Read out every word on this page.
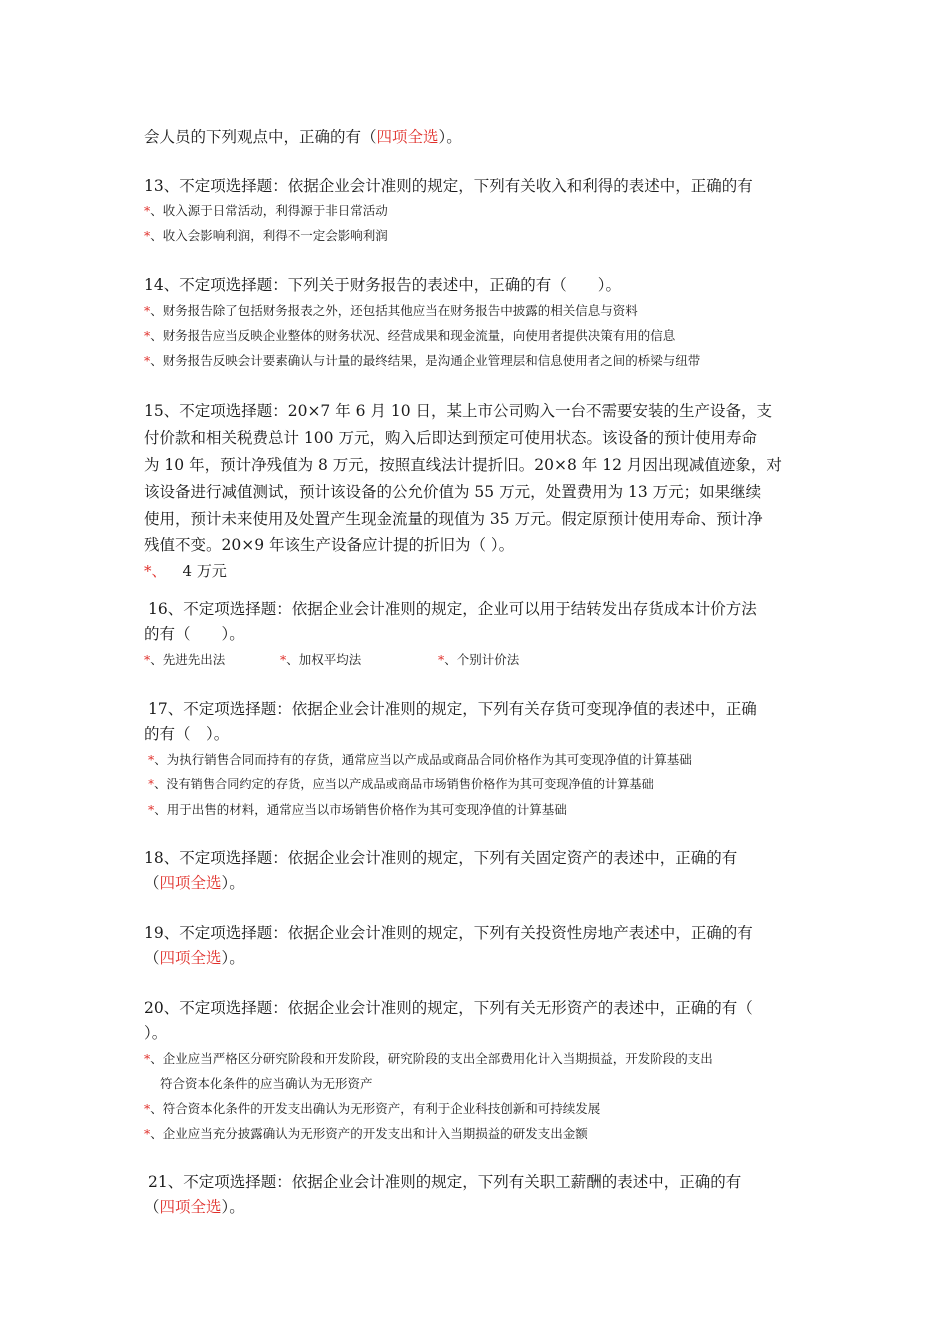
会人员的下列观点中，正确的有（四项全选）。
13、不定项选择题：依据企业会计准则的规定，下列有关收入和利得的表述中，正确的有
*、收入源于日常活动，利得源于非日常活动
*、收入会影响利润，利得不一定会影响利润
14、不定项选择题：下列关于财务报告的表述中，正确的有（　　）。
*、财务报告除了包括财务报表之外，还包括其他应当在财务报告中披露的相关信息与资料
*、财务报告应当反映企业整体的财务状况、经营成果和现金流量，向使用者提供决策有用的信息
*、财务报告反映会计要素确认与计量的最终结果，是沟通企业管理层和信息使用者之间的桥梁与纽带
15、不定项选择题：20×7 年 6 月 10 日，某上市公司购入一台不需要安装的生产设备，支
付价款和相关税费总计 100 万元，购入后即达到预定可使用状态。该设备的预计使用寿命
为 10 年，预计净残值为 8 万元，按照直线法计提折旧。20×8 年 12 月因出现减值迹象，对
该设备进行减值测试，预计该设备的公允价值为 55 万元，处置费用为 13 万元；如果继续
使用，预计未来使用及处置产生现金流量的现值为 35 万元。假定原预计使用寿命、预计净
残值不变。20×9 年该生产设备应计提的折旧为（ ）。
*、 4 万元
16、不定项选择题：依据企业会计准则的规定，企业可以用于结转发出存货成本计价方法
的有（　　）。
*、先进先出法	*、加权平均法	*、个别计价法
17、不定项选择题：依据企业会计准则的规定，下列有关存货可变现净值的表述中，正确
的有（　）。
*、为执行销售合同而持有的存货，通常应当以产成品或商品合同价格作为其可变现净值的计算基础
*、没有销售合同约定的存货，应当以产成品或商品市场销售价格作为其可变现净值的计算基础
*、用于出售的材料，通常应当以市场销售价格作为其可变现净值的计算基础
18、不定项选择题：依据企业会计准则的规定，下列有关固定资产的表述中，正确的有
（四项全选）。
19、不定项选择题：依据企业会计准则的规定，下列有关投资性房地产表述中，正确的有
（四项全选）。
20、不定项选择题：依据企业会计准则的规定，下列有关无形资产的表述中，正确的有（
）。
*、企业应当严格区分研究阶段和开发阶段，研究阶段的支出全部费用化计入当期损益，开发阶段的支出
符合资本化条件的应当确认为无形资产
*、符合资本化条件的开发支出确认为无形资产，有利于企业科技创新和可持续发展
*、企业应当充分披露确认为无形资产的开发支出和计入当期损益的研发支出金额
21、不定项选择题：依据企业会计准则的规定，下列有关职工薪酬的表述中，正确的有
（四项全选）。
